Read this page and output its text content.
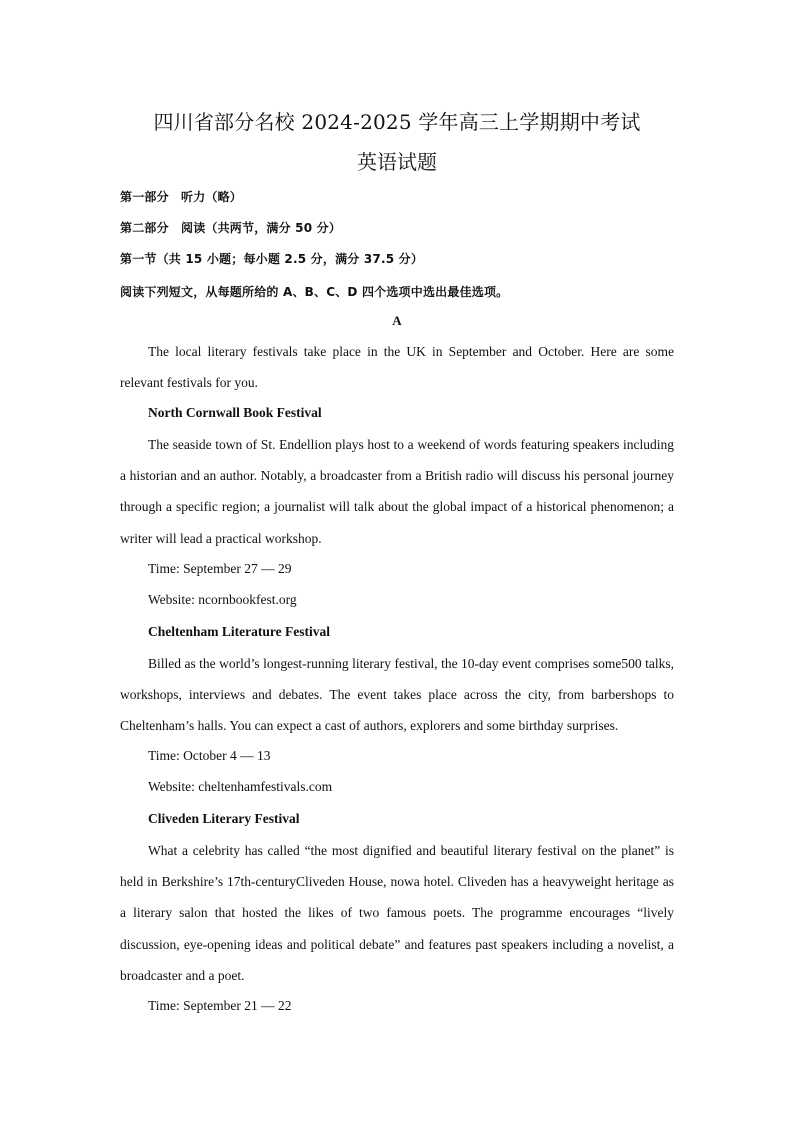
四川省部分名校 2024-2025 学年高三上学期期中考试
英语试题
第一部分　听力（略）
第二部分　阅读（共两节，满分 50 分）
第一节（共 15 小题；每小题 2.5 分，满分 37.5 分）
阅读下列短文，从每题所给的 A、B、C、D 四个选项中选出最佳选项。
A

The local literary festivals take place in the UK in September and October. Here are some relevant festivals for you.

North Cornwall Book Festival

The seaside town of St. Endellion plays host to a weekend of words featuring speakers including a historian and an author. Notably, a broadcaster from a British radio will discuss his personal journey through a specific region; a journalist will talk about the global impact of a historical phenomenon; a writer will lead a practical workshop.

Time: September 27 — 29
Website: ncornbookfest.org
Cheltenham Literature Festival

Billed as the world’s longest-running literary festival, the 10-day event comprises some500 talks, workshops, interviews and debates. The event takes place across the city, from barbershops to Cheltenham’s halls. You can expect a cast of authors, explorers and some birthday surprises.

Time: October 4 — 13
Website: cheltenhamfestivals.com
Cliveden Literary Festival

What a celebrity has called “the most dignified and beautiful literary festival on the planet” is held in Berkshire’s 17th-centuryCliveden House, nowa hotel. Cliveden has a heavyweight heritage as a literary salon that hosted the likes of two famous poets. The programme encourages “lively discussion, eye-opening ideas and political debate” and features past speakers including a novelist, a broadcaster and a poet.

Time: September 21 — 22
